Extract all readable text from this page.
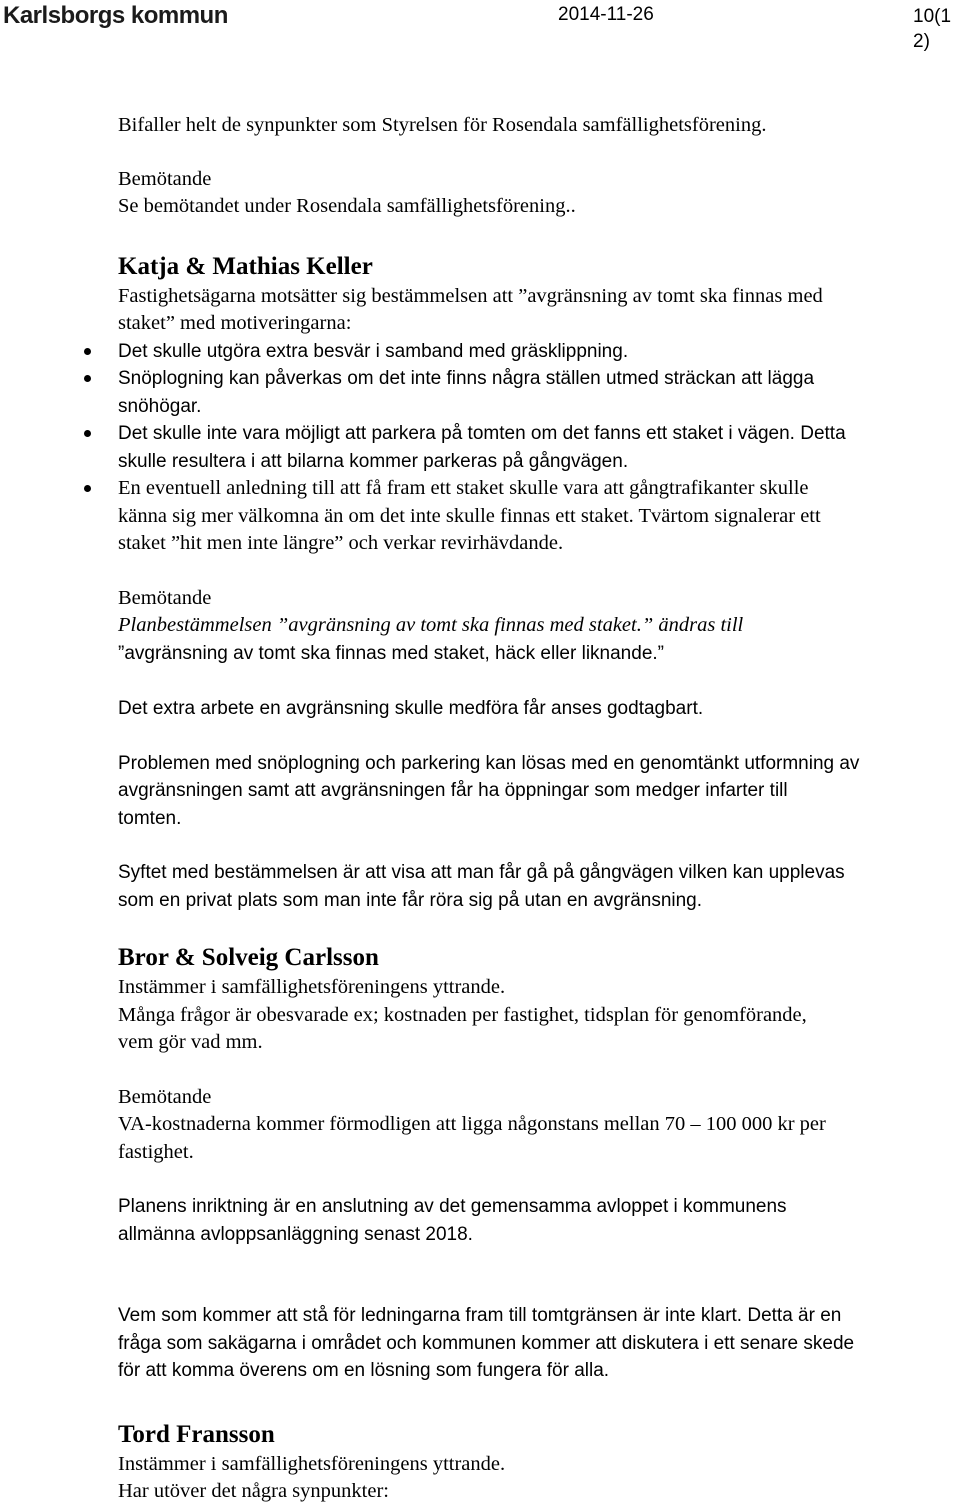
Karlsborgs kommun	2014-11-26	10(1
2)

Bifaller helt de synpunkter som Styrelsen för Rosendala samfällighetsförening.

Bemötande

Se bemötandet under Rosendala samfällighetsförening..

Katja & Mathias Keller

Fastighetsägarna motsätter sig bestämmelsen att ”avgränsning av tomt ska finnas med

staket” med motiveringarna:

Det skulle utgöra extra besvär i samband med gräsklippning.
Snöplogning kan påverkas om det inte finns några ställen utmed sträckan att lägga
snöhögar.
Det skulle inte vara möjligt att parkera på tomten om det fanns ett staket i vägen. Detta
skulle resultera i att bilarna kommer parkeras på gångvägen.
En eventuell anledning till att få fram ett staket skulle vara att gångtrafikanter skulle
känna sig mer välkomna än om det inte skulle finnas ett staket. Tvärtom signalerar ett
staket ”hit men inte längre” och verkar revirhävdande.

Bemötande

Planbestämmelsen ”avgränsning av tomt ska finnas med staket.” ändras till

”avgränsning av tomt ska finnas med staket, häck eller liknande.”

Det extra arbete en avgränsning skulle medföra får anses godtagbart.

Problemen med snöplogning och parkering kan lösas med en genomtänkt utformning av

avgränsningen samt att avgränsningen får ha öppningar som medger infarter till

tomten.

Syftet med bestämmelsen är att visa att man får gå på gångvägen vilken kan upplevas

som en privat plats som man inte får röra sig på utan en avgränsning.

Bror & Solveig Carlsson

Instämmer i samfällighetsföreningens yttrande.

Många frågor är obesvarade ex; kostnaden per fastighet, tidsplan för genomförande,

vem gör vad mm.

Bemötande

VA-kostnaderna kommer förmodligen att ligga någonstans mellan 70 – 100 000 kr per

fastighet.

Planens inriktning är en anslutning av det gemensamma avloppet i kommunens

allmänna avloppsanläggning senast 2018.

Vem som kommer att stå för ledningarna fram till tomtgränsen är inte klart. Detta är en

fråga som sakägarna i området och kommunen kommer att diskutera i ett senare skede

för att komma överens om en lösning som fungera för alla.

Tord Fransson

Instämmer i samfällighetsföreningens yttrande.

Har utöver det några synpunkter:
